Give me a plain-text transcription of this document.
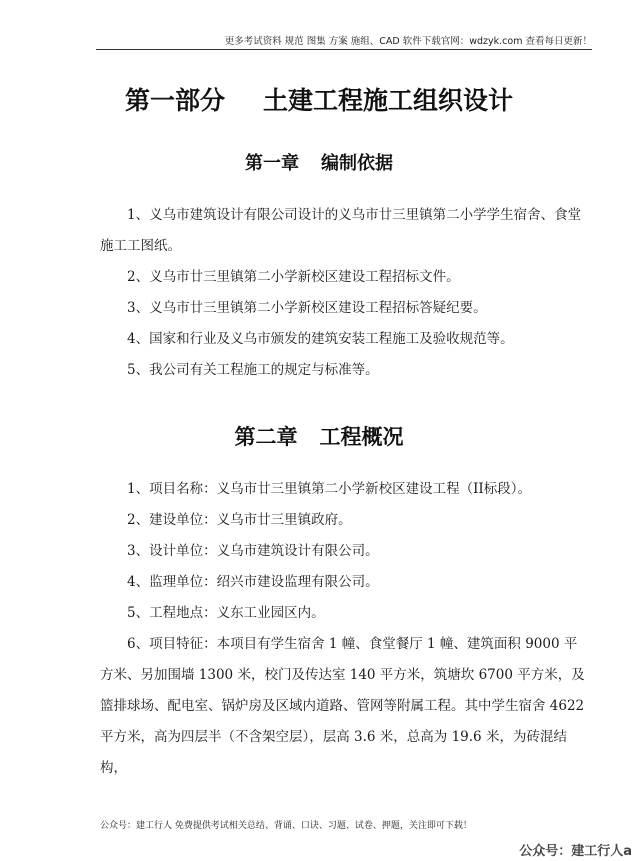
更多考试资料 规范 图集 方案 施组、CAD 软件下载官网：wdzyk.com 查看每日更新！
第一部分 土建工程施工组织设计
第一章 编制依据

1、义乌市建筑设计有限公司设计的义乌市廿三里镇第二小学学生宿舍、食堂施工工图纸。

2、义乌市廿三里镇第二小学新校区建设工程招标文件。

3、义乌市廿三里镇第二小学新校区建设工程招标答疑纪要。

4、国家和行业及义乌市颁发的建筑安装工程施工及验收规范等。

5、我公司有关工程施工的规定与标准等。

第二章 工程概况

1、项目名称：义乌市廿三里镇第二小学新校区建设工程（II标段）。

2、建设单位：义乌市廿三里镇政府。

3、设计单位：义乌市建筑设计有限公司。

4、监理单位：绍兴市建设监理有限公司。

5、工程地点：义东工业园区内。

6、项目特征：本项目有学生宿舍 1 幢、食堂餐厅 1 幢、建筑面积 9000 平方米、另加围墙 1300 米，校门及传达室 140 平方米，筑塘坎 6700 平方米，及篮排球场、配电室、锅炉房及区域内道路、管网等附属工程。其中学生宿舍 4622 平方米，高为四层半（不含架空层），层高 3.6 米，总高为 19.6 米，为砖混结构，

公众号：建工行人 免费提供考试相关总结、背诵、口诀、习题、试卷、押题，关注即可下载！
公众号：建工行人a
